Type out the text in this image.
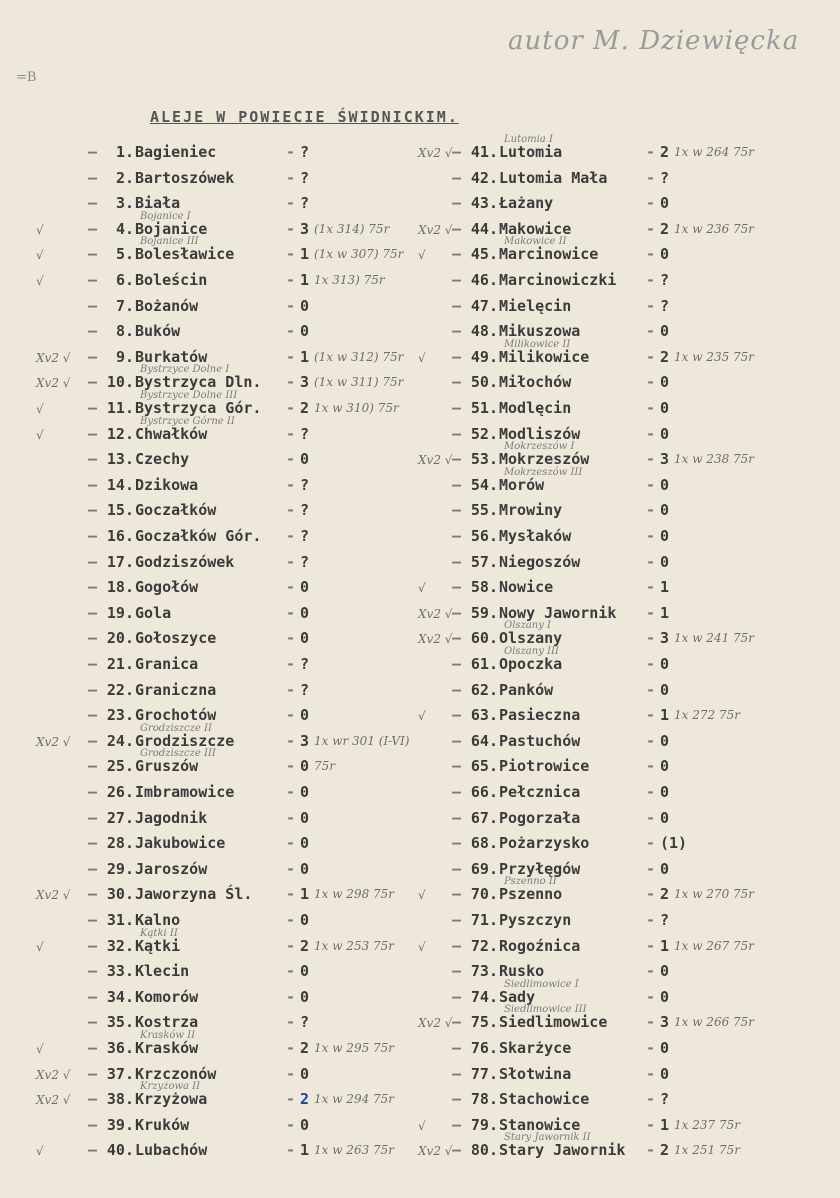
=B
autor M. Dziewięcka
ALEJE W POWIECIE ŚWIDNICKIM.
–	1. Bagieniec	- ?
–	2. Bartoszówek	- ?
–	3. Biała	- ?
√	–	4. Bojanice	- 3 (1x 314) 75r
Bojanice I
√	–	5. Bolesławice	- 1 (1x w 307) 75r
Bojanice III
√	–	6. Boleścin	- 1 1x 313) 75r
–	7. Bożanów	- 0
–	8. Buków	- 0
Xv2 √ –	9. Burkatów	- 1 (1x w 312) 75r
Xv2 √ – 10. Bystrzyca Dln. - 3 (1x w 311) 75r
Bystrzyce Dolne I
√	– 11. Bystrzyca Gór. - 2 1x w 310) 75r
Bystrzyce Dolne III
√	– 12. Chwałków	- ?
Bystrzyce Górne II
– 13. Czechy	- 0
– 14. Dzikowa	- ?
– 15. Goczałków	- ?
– 16. Goczałków Gór. - ?
– 17. Godziszówek	- ?
– 18. Gogołów	- 0
– 19. Gola	- 0
– 20. Gołoszyce	- 0
– 21. Granica	- ?
– 22. Graniczna	- ?
– 23. Grochotów	- 0
Xv2 √ – 24. Grodziszcze	- 3 1x wr 301 (I-VI)
Grodziszcze II
– 25. Gruszów	- 0 75r
Grodziszcze III
– 26. Imbramowice	- 0
– 27. Jagodnik	- 0
– 28. Jakubowice	- 0
– 29. Jaroszów	- 0
Xv2 √ – 30. Jaworzyna Śl. - 1 1x w 298 75r
– 31. Kalno	- 0
√	– 32. Kątki	- 2 1x w 253 75r
Kątki II
– 33. Klecin	- 0
– 34. Komorów	- 0
– 35. Kostrza	- ?
√	– 36. Krasków	- 2 1x w 295 75r
Krasków II
Xv2 √ – 37. Krzczonów	- 0
Xv2 √ – 38. Krzyżowa	- 2 1x w 294 75r
Krzyżowa II
– 39. Kruków	- 0
√	– 40. Lubachów	- 1 1x w 263 75r
Xv2 √ – 41. Lutomia	- 2 1x w 264 75r
Lutomia I
– 42. Lutomia Mała	- ?
– 43. Łażany	- 0
Xv2 √ – 44. Makowice	- 2 1x w 236 75r
√ – 45. Marcinowice	- 0
Makowice II
– 46. Marcinowiczki - ?
– 47. Mielęcin	- ?
– 48. Mikuszowa	- 0
√ – 49. Milikowice	- 2 1x w 235 75r
Milikowice II
– 50. Miłochów	- 0
– 51. Modlęcin	- 0
– 52. Modliszów	- 0
Xv2 √ – 53. Mokrzeszów	- 3 1x w 238 75r
Mokrzeszów I
– 54. Morów	- 0
Mokrzeszów III
– 55. Mrowiny	- 0
– 56. Mysłaków	- 0
– 57. Niegoszów	- 0
√ – 58. Nowice	- 1
Xv2 √ – 59. Nowy Jawornik - 1
Xv2 √ – 60. Olszany	- 3 1x w 241 75r
Olszany I
– 61. Opoczka	- 0
Olszany III
– 62. Panków	- 0
√ – 63. Pasieczna	- 1 1x 272 75r
– 64. Pastuchów	- 0
– 65. Piotrowice	- 0
– 66. Pełcznica	- 0
– 67. Pogorzała	- 0
– 68. Pożarzysko	- (1)
– 69. Przyłęgów	- 0
√ – 70. Pszenno	- 2 1x w 270 75r
Pszenno II
– 71. Pyszczyn	- ?
√ – 72. Rogoźnica	- 1 1x w 267 75r
– 73. Rusko	- 0
– 74. Sady	- 0
Siedlimowice I
Xv2 √ – 75. Siedlimowice	- 3 1x w 266 75r
Siedlimowice III
– 76. Skarżyce	- 0
– 77. Słotwina	- 0
– 78. Stachowice	- ?
√ – 79. Stanowice	- 1 1x 237 75r
Xv2 √ – 80. Stary Jawornik - 2 1x 251 75r
Stary Jawornik II
